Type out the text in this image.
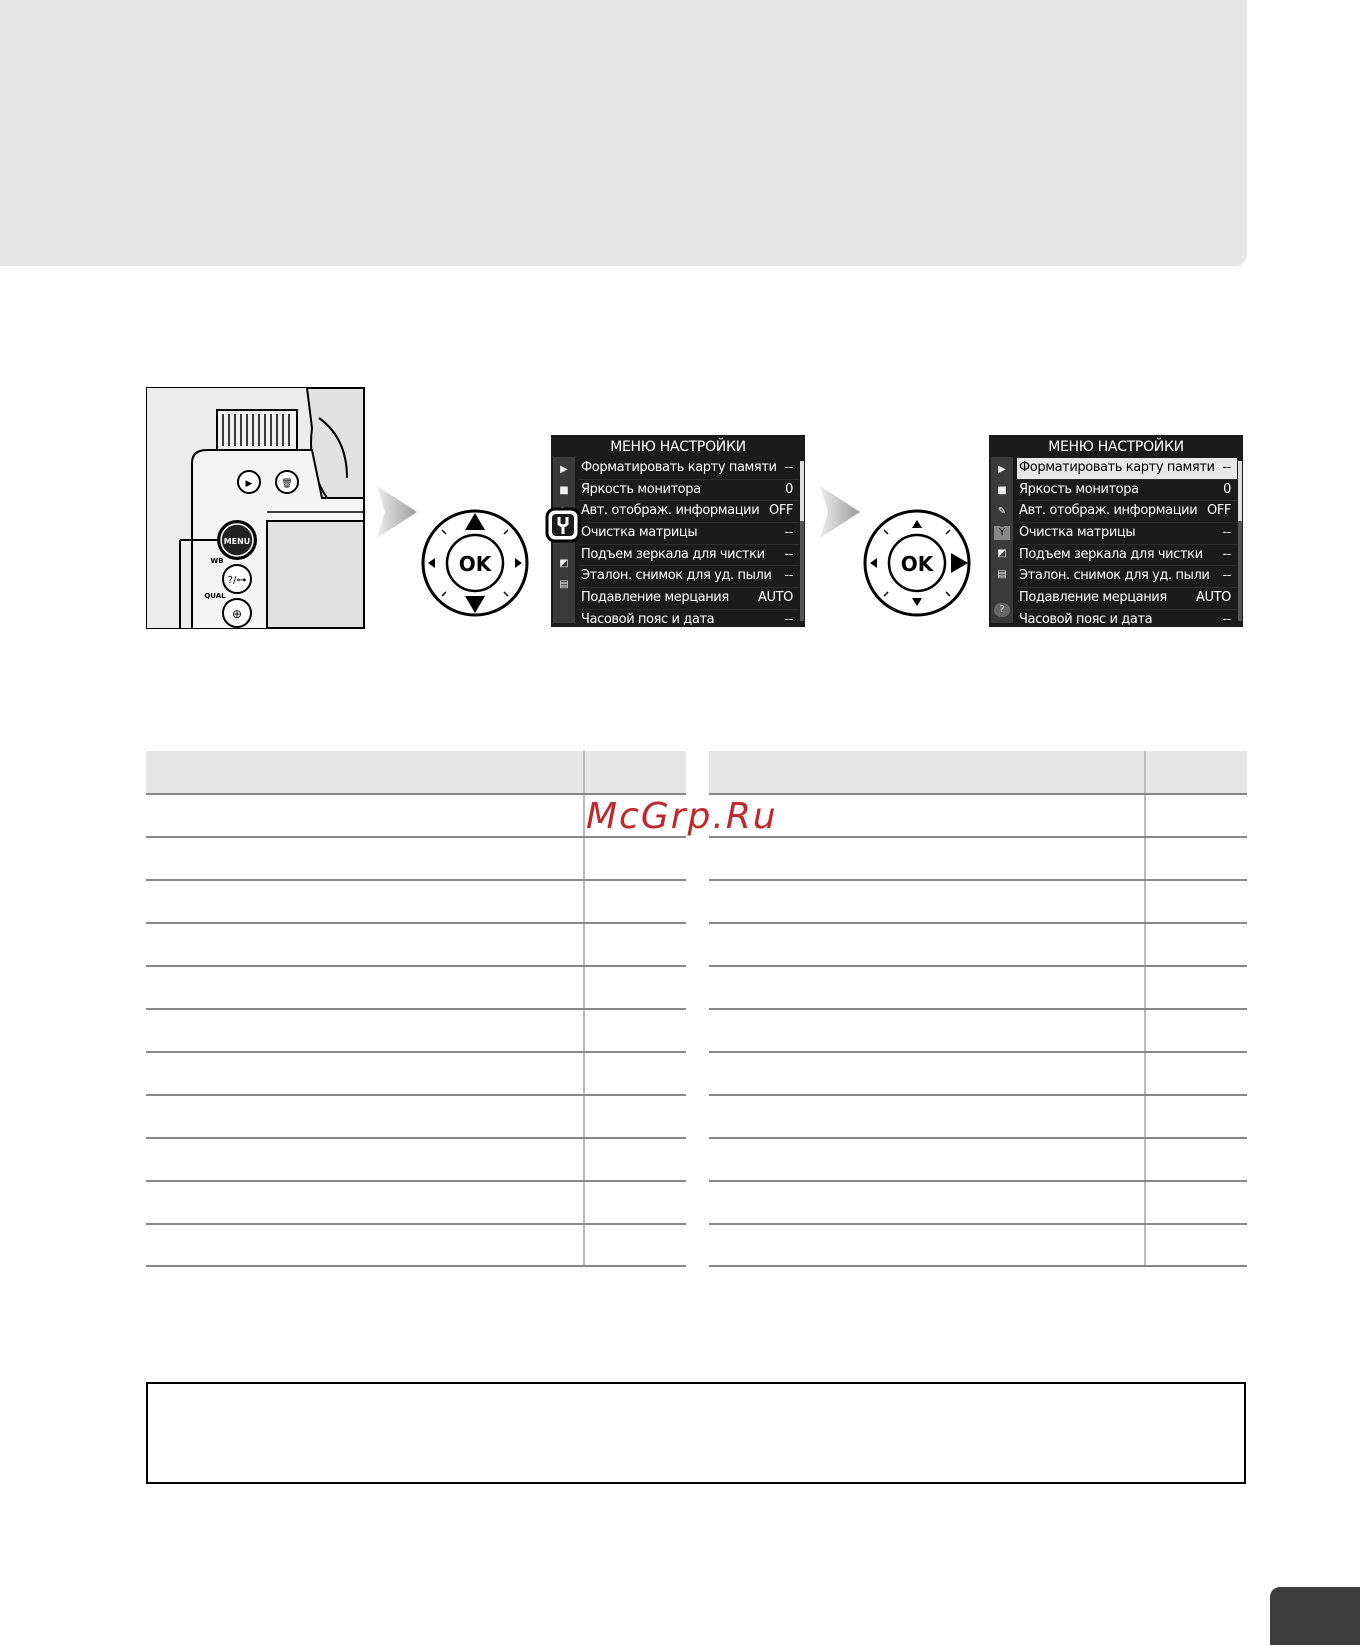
MENU
WB
?/⊶
QUAL
⊕
▶	🗑
OK
МЕНЮ НАСТРОЙКИ
▶
■
◩
▤
Форматировать карту памяти --
Яркость монитора	0
Авт. отображ. информации OFF
Очистка матрицы	--
Подъем зеркала для чистки --
Эталон. снимок для уд. пыли --
Подавление мерцания AUTO
Часовой пояс и дата	--
OK
МЕНЮ НАСТРОЙКИ
▶
■
✎
Ÿ
◩
▤
?
Форматировать карту памяти --
Яркость монитора	0
Авт. отображ. информации OFF
Очистка матрицы	--
Подъем зеркала для чистки --
Эталон. снимок для уд. пыли --
Подавление мерцания AUTO
Часовой пояс и дата	--
McGrp.Ru
